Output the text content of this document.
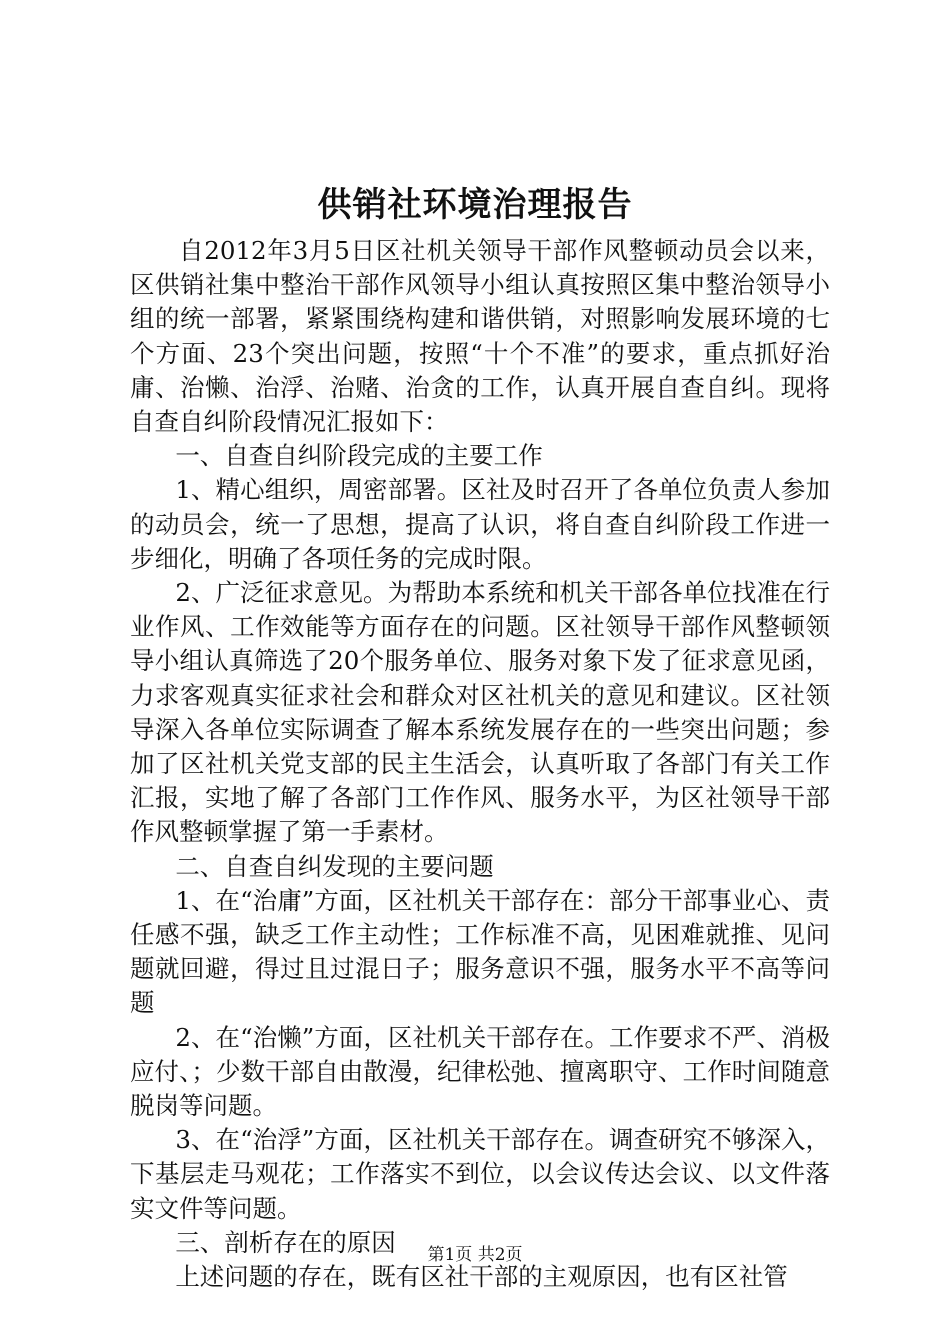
供销社环境治理报告

自2012年3月5日区社机关领导干部作风整顿动员会以来，区供销社集中整治干部作风领导小组认真按照区集中整治领导小组的统一部署，紧紧围绕构建和谐供销，对照影响发展环境的七个方面、23个突出问题，按照“十个不准”的要求，重点抓好治庸、治懒、治浮、治赌、治贪的工作，认真开展自查自纠。现将自查自纠阶段情况汇报如下：

一、自查自纠阶段完成的主要工作

1、精心组织，周密部署。区社及时召开了各单位负责人参加的动员会，统一了思想，提高了认识，将自查自纠阶段工作进一步细化，明确了各项任务的完成时限。

2、广泛征求意见。为帮助本系统和机关干部各单位找准在行业作风、工作效能等方面存在的问题。区社领导干部作风整顿领导小组认真筛选了20个服务单位、服务对象下发了征求意见函，力求客观真实征求社会和群众对区社机关的意见和建议。区社领导深入各单位实际调查了解本系统发展存在的一些突出问题；参加了区社机关党支部的民主生活会，认真听取了各部门有关工作汇报，实地了解了各部门工作作风、服务水平，为区社领导干部作风整顿掌握了第一手素材。

二、自查自纠发现的主要问题

1、在“治庸”方面，区社机关干部存在：部分干部事业心、责任感不强，缺乏工作主动性；工作标准不高，见困难就推、见问题就回避，得过且过混日子；服务意识不强，服务水平不高等问题

2、在“治懒”方面，区社机关干部存在。工作要求不严、消极应付、；少数干部自由散漫，纪律松弛、擅离职守、工作时间随意脱岗等问题。

3、在“治浮”方面，区社机关干部存在。调查研究不够深入，下基层走马观花；工作落实不到位，以会议传达会议、以文件落实文件等问题。

三、剖析存在的原因

上述问题的存在，既有区社干部的主观原因，也有区社管

第1页 共2页
